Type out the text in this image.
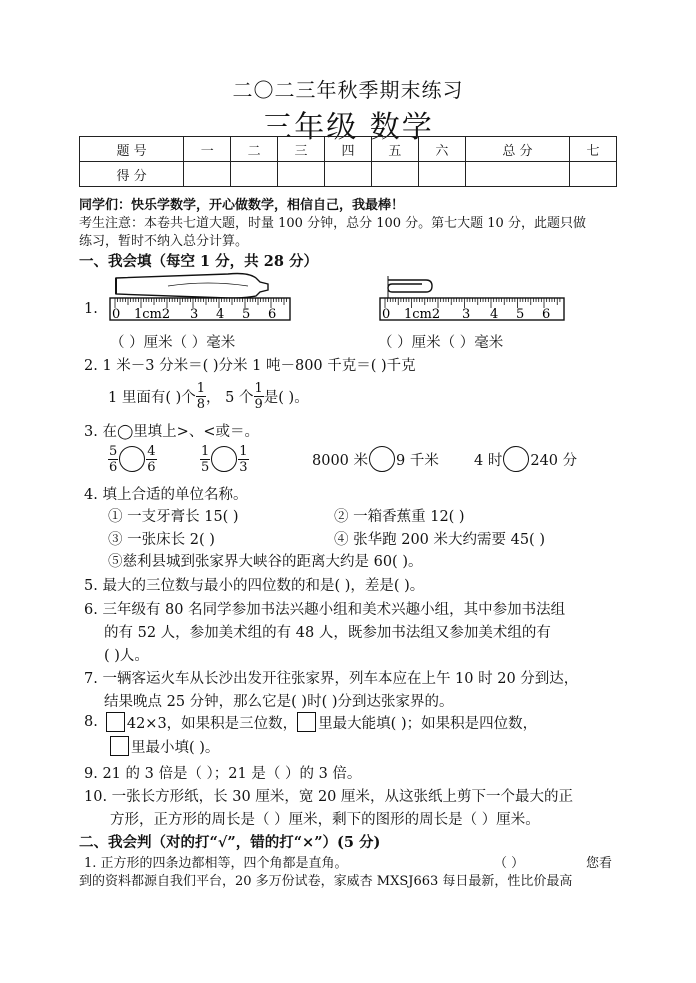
二〇二三年秋季期末练习
三年级 数学
题 号	一	二	三	四	五	六	总 分	七
得 分								
同学们：快乐学数学，开心做数学，相信自己，我最棒！
考生注意：本卷共七道大题，时量 100 分钟，总分 100 分。第七大题 10 分，此题只做
练习，暂时不纳入总分计算。
一、我会填（每空 1 分，共 28 分）
1. 0 1cm2 3 4 5 6	0 1cm2 3 4 5 6
（ ）厘米（ ）毫米	（ ）厘米（ ）毫米
2. 1 米－3 分米＝( )分米 1 吨－800 千克＝( )千克
1 里面有( )个 $\frac{1}{8}$ ， 5 个 $\frac{1}{9}$ 是( )。
3. 在◯里填上>、<或＝。
$\frac{5}{6} \frac{4}{6}$	$\frac{1}{5} \frac{1}{3}$	8000 米 9 千米 4 时 240 分
4. 填上合适的单位名称。
① 一支牙膏长 15( )	② 一箱香蕉重 12( )
③ 一张床长 2( )	④ 张华跑 200 米大约需要 45( )
⑤慈利县城到张家界大峡谷的距离大约是 60( )。
5. 最大的三位数与最小的四位数的和是( )，差是( )。
6. 三年级有 80 名同学参加书法兴趣小组和美术兴趣小组，其中参加书法组
的有 52 人，参加美术组的有 48 人，既参加书法组又参加美术组的有
( )人。
7. 一辆客运火车从长沙出发开往张家界，列车本应在上午 10 时 20 分到达，
结果晚点 25 分钟，那么它是( )时( )分到达张家界的。
8. 42×3，如果积是三位数， 里最大能填( )；如果积是四位数，
里最小填( )。
9. 21 的 3 倍是（ ）；21 是（ ）的 3 倍。
10. 一张长方形纸，长 30 厘米，宽 20 厘米，从这张纸上剪下一个最大的正
方形，正方形的周长是（ ）厘米，剩下的图形的周长是（ ）厘米。
二、我会判（对的打“√”，错的打“×”）(5 分)
1. 正方形的四条边都相等，四个角都是直角。	（ ）	您看
到的资料都源自我们平台，20 多万份试卷，家威杏 MXSJ663 每日最新，性比价最高
